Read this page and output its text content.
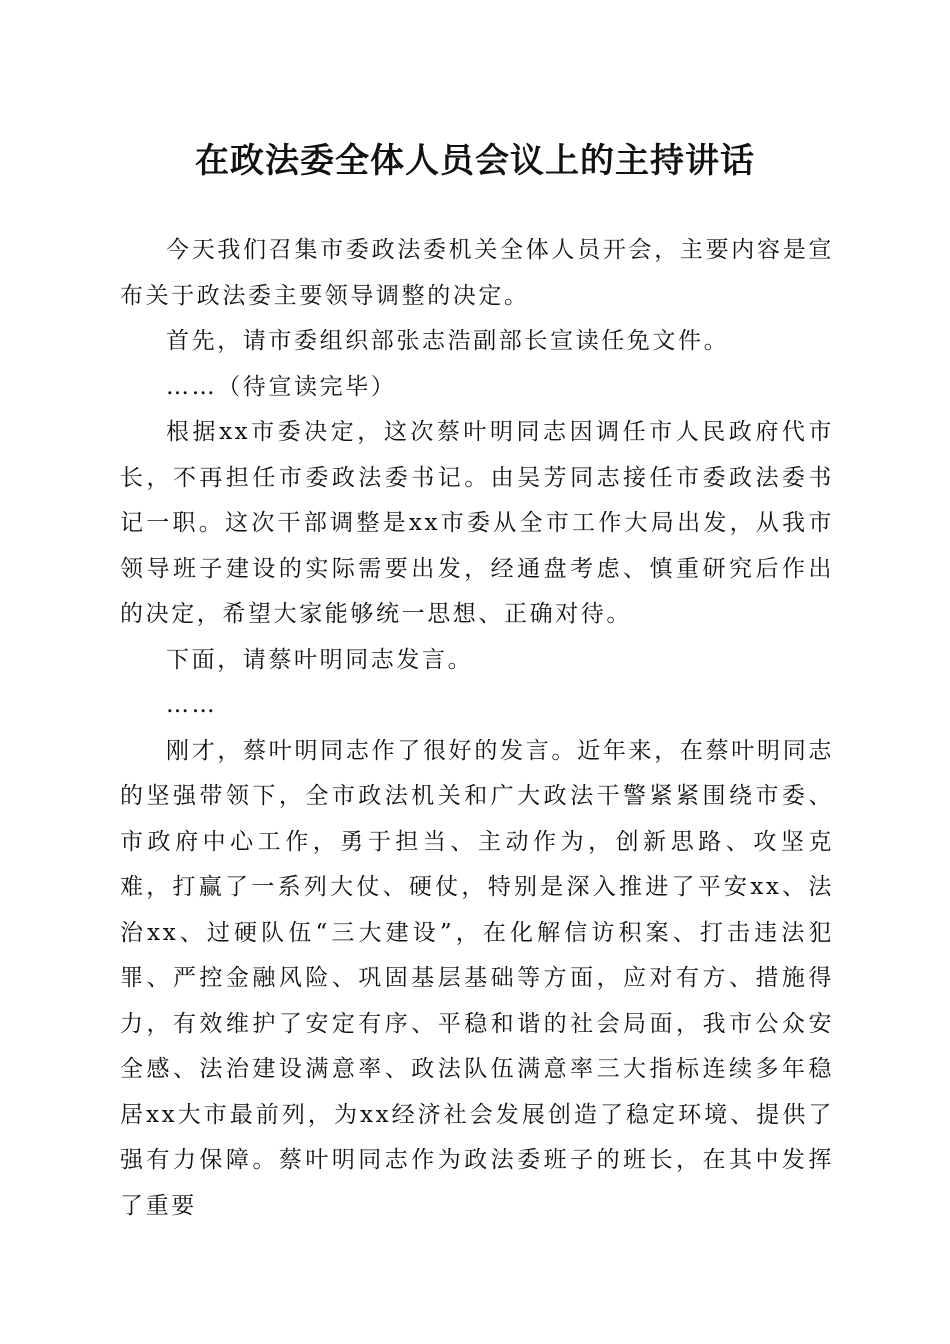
在政法委全体人员会议上的主持讲话

今天我们召集市委政法委机关全体人员开会，主要内容是宣布关于政法委主要领导调整的决定。

首先，请市委组织部张志浩副部长宣读任免文件。

……（待宣读完毕）

根据xx市委决定，这次蔡叶明同志因调任市人民政府代市长，不再担任市委政法委书记。由吴芳同志接任市委政法委书记一职。这次干部调整是xx市委从全市工作大局出发，从我市领导班子建设的实际需要出发，经通盘考虑、慎重研究后作出的决定，希望大家能够统一思想、正确对待。

下面，请蔡叶明同志发言。

……

刚才，蔡叶明同志作了很好的发言。近年来，在蔡叶明同志的坚强带领下，全市政法机关和广大政法干警紧紧围绕市委、市政府中心工作，勇于担当、主动作为，创新思路、攻坚克难，打赢了一系列大仗、硬仗，特别是深入推进了平安xx、法治xx、过硬队伍“三大建设”，在化解信访积案、打击违法犯罪、严控金融风险、巩固基层基础等方面，应对有方、措施得力，有效维护了安定有序、平稳和谐的社会局面，我市公众安全感、法治建设满意率、政法队伍满意率三大指标连续多年稳居xx大市最前列，为xx经济社会发展创造了稳定环境、提供了强有力保障。蔡叶明同志作为政法委班子的班长，在其中发挥了重要
